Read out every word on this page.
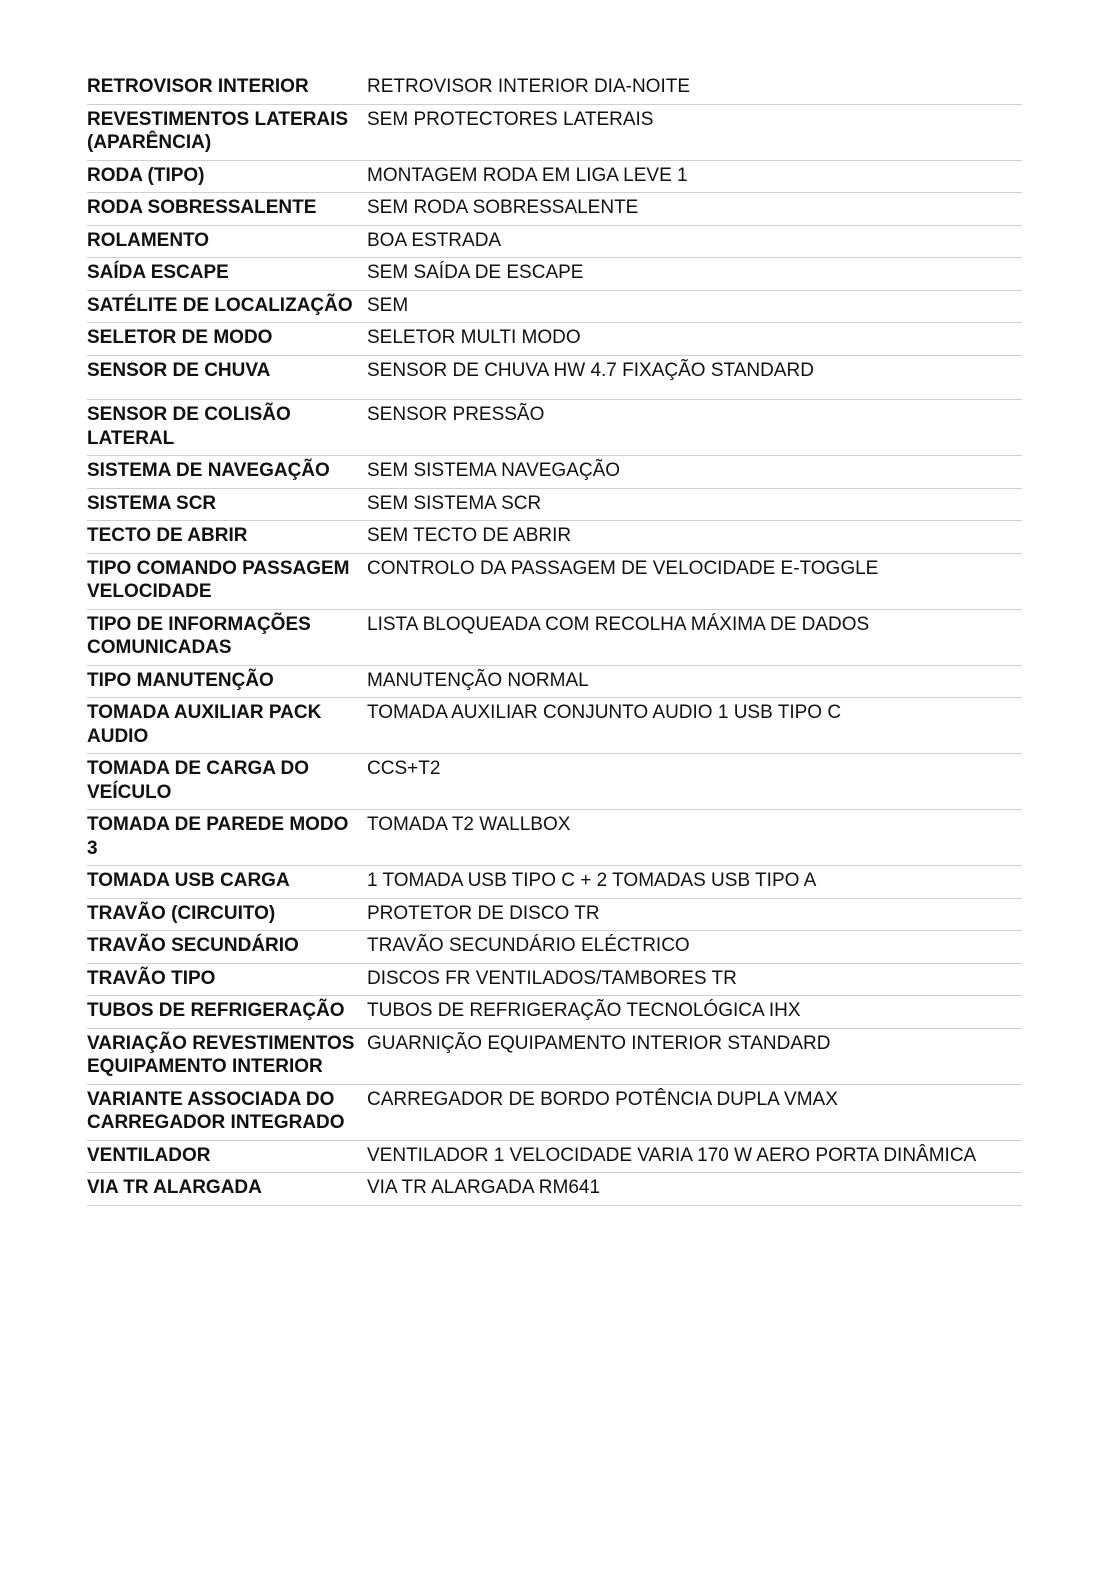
RETROVISOR INTERIOR	RETROVISOR INTERIOR DIA-NOITE
REVESTIMENTOS LATERAIS (APARÊNCIA)	SEM PROTECTORES LATERAIS
RODA (TIPO)	MONTAGEM RODA EM LIGA LEVE 1
RODA SOBRESSALENTE	SEM RODA SOBRESSALENTE
ROLAMENTO	BOA ESTRADA
SAÍDA ESCAPE	SEM SAÍDA DE ESCAPE
SATÉLITE DE LOCALIZAÇÃO	SEM
SELETOR DE MODO	SELETOR MULTI MODO
SENSOR DE CHUVA	SENSOR DE CHUVA HW 4.7 FIXAÇÃO STANDARD
SENSOR DE COLISÃO LATERAL	SENSOR PRESSÃO
SISTEMA DE NAVEGAÇÃO	SEM SISTEMA NAVEGAÇÃO
SISTEMA SCR	SEM SISTEMA SCR
TECTO DE ABRIR	SEM TECTO DE ABRIR
TIPO COMANDO PASSAGEM VELOCIDADE	CONTROLO DA PASSAGEM DE VELOCIDADE E-TOGGLE
TIPO DE INFORMAÇÕES COMUNICADAS	LISTA BLOQUEADA COM RECOLHA MÁXIMA DE DADOS
TIPO MANUTENÇÃO	MANUTENÇÃO NORMAL
TOMADA AUXILIAR PACK AUDIO	TOMADA AUXILIAR CONJUNTO AUDIO 1 USB TIPO C
TOMADA DE CARGA DO VEÍCULO	CCS+T2
TOMADA DE PAREDE MODO 3	TOMADA T2 WALLBOX
TOMADA USB CARGA	1 TOMADA USB TIPO C + 2 TOMADAS USB TIPO A
TRAVÃO (CIRCUITO)	PROTETOR DE DISCO TR
TRAVÃO SECUNDÁRIO	TRAVÃO SECUNDÁRIO ELÉCTRICO
TRAVÃO TIPO	DISCOS FR VENTILADOS/TAMBORES TR
TUBOS DE REFRIGERAÇÃO	TUBOS DE REFRIGERAÇÃO TECNOLÓGICA IHX
VARIAÇÃO REVESTIMENTOS EQUIPAMENTO INTERIOR	GUARNIÇÃO EQUIPAMENTO INTERIOR STANDARD
VARIANTE ASSOCIADA DO CARREGADOR INTEGRADO	CARREGADOR DE BORDO POTÊNCIA DUPLA VMAX
VENTILADOR	VENTILADOR 1 VELOCIDADE VARIA 170 W AERO PORTA DINÂMICA
VIA TR ALARGADA	VIA TR ALARGADA RM641
